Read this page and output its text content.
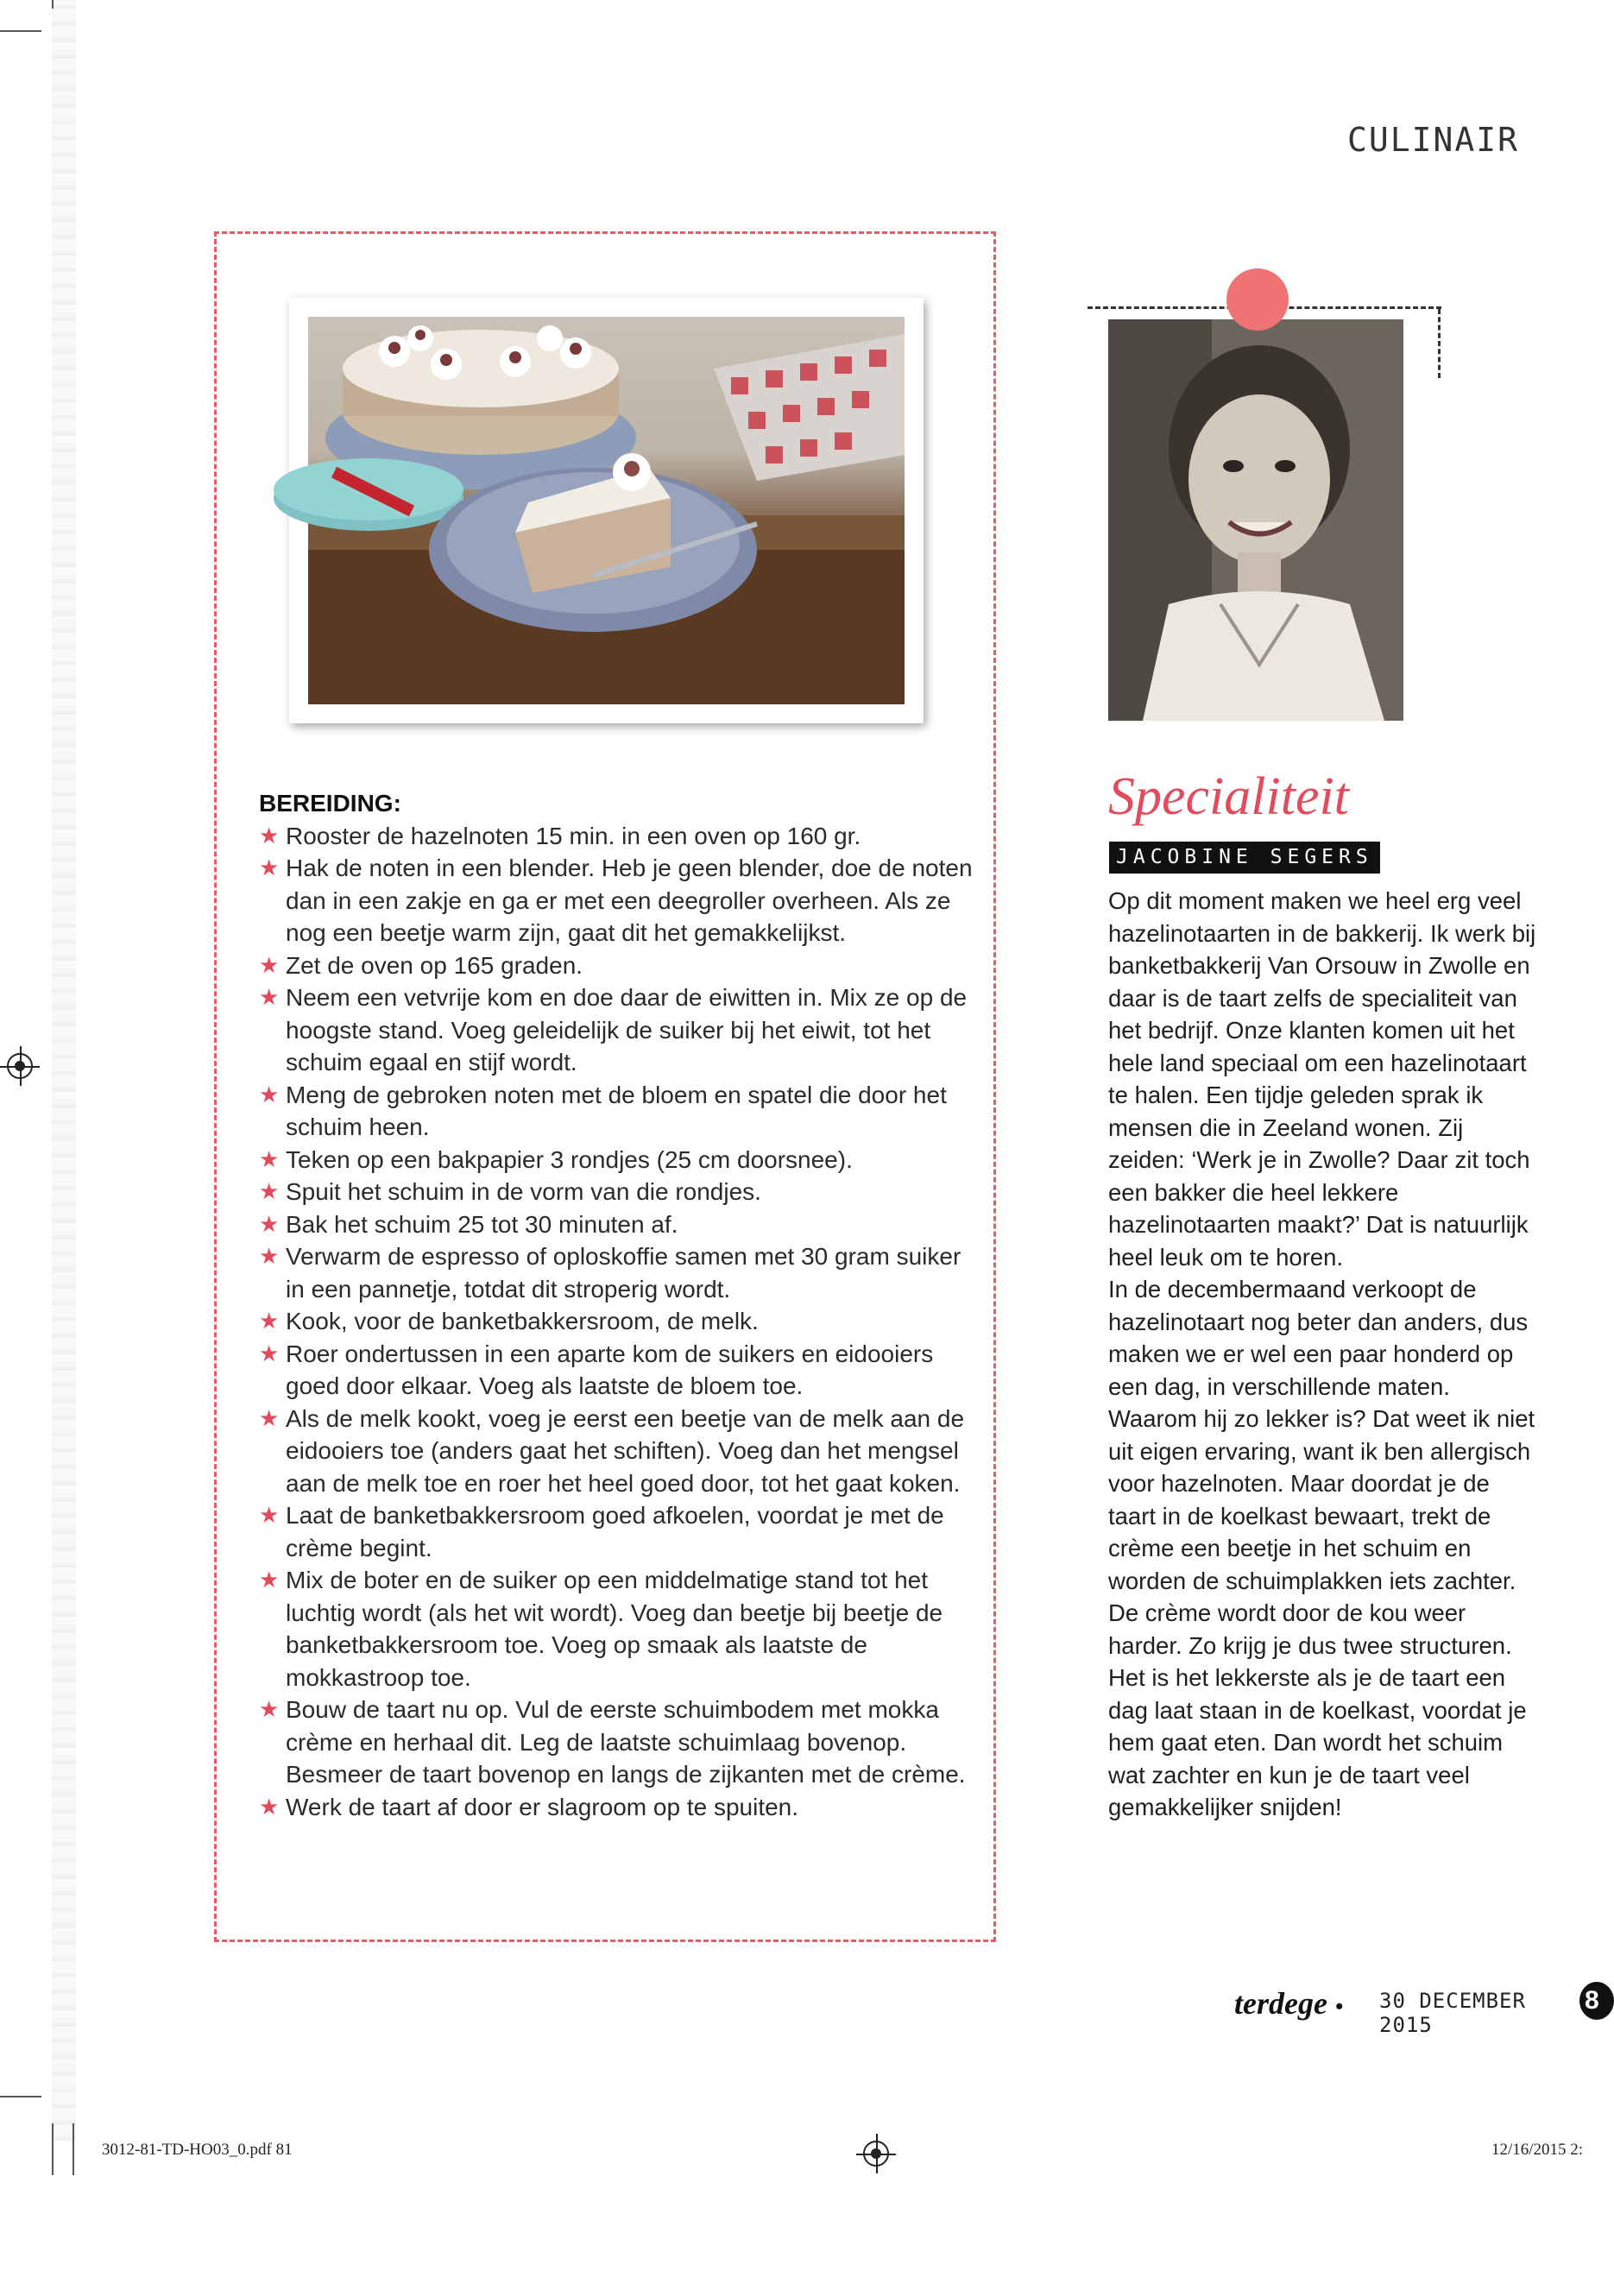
CULINAIR
BEREIDING:
★ Rooster de hazelnoten 15 min. in een oven op 160 gr.
★ Hak de noten in een blender. Heb je geen blender, doe de noten dan in een zakje en ga er met een deegroller overheen. Als ze nog een beetje warm zijn, gaat dit het gemakkelijkst.
★ Zet de oven op 165 graden.
★ Neem een vetvrije kom en doe daar de eiwitten in. Mix ze op de hoogste stand. Voeg geleidelijk de suiker bij het eiwit, tot het schuim egaal en stijf wordt.
★ Meng de gebroken noten met de bloem en spatel die door het schuim heen.
★ Teken op een bakpapier 3 rondjes (25 cm doorsnee).
★ Spuit het schuim in de vorm van die rondjes.
★ Bak het schuim 25 tot 30 minuten af.
★ Verwarm de espresso of oploskoffie samen met 30 gram suiker in een pannetje, totdat dit stroperig wordt.
★ Kook, voor de banketbakkersroom, de melk.
★ Roer ondertussen in een aparte kom de suikers en eidooiers goed door elkaar. Voeg als laatste de bloem toe.
★ Als de melk kookt, voeg je eerst een beetje van de melk aan de eidooiers toe (anders gaat het schiften). Voeg dan het mengsel aan de melk toe en roer het heel goed door, tot het gaat koken.
★ Laat de banketbakkersroom goed afkoelen, voordat je met de crème begint.
★ Mix de boter en de suiker op een middelmatige stand tot het luchtig wordt (als het wit wordt). Voeg dan beetje bij beetje de banketbakkersroom toe. Voeg op smaak als laatste de mokkastroop toe.
★ Bouw de taart nu op. Vul de eerste schuimbodem met mokka crème en herhaal dit. Leg de laatste schuimlaag bovenop. Besmeer de taart bovenop en langs de zijkanten met de crème.
★ Werk de taart af door er slagroom op te spuiten.
Specialiteit
JACOBINE SEGERS

Op dit moment maken we heel erg veel hazelinotaarten in de bakkerij. Ik werk bij banketbakkerij Van Orsouw in Zwolle en daar is de taart zelfs de specialiteit van het bedrijf. Onze klanten komen uit het hele land speciaal om een hazelinotaart te halen. Een tijdje geleden sprak ik mensen die in Zeeland wonen. Zij zeiden: ‘Werk je in Zwolle? Daar zit toch een bakker die heel lekkere hazelinotaarten maakt?’ Dat is natuurlijk heel leuk om te horen.

In de decembermaand verkoopt de hazelinotaart nog beter dan anders, dus maken we er wel een paar honderd op een dag, in verschillende maten.

Waarom hij zo lekker is? Dat weet ik niet uit eigen ervaring, want ik ben allergisch voor hazelnoten. Maar doordat je de taart in de koelkast bewaart, trekt de crème een beetje in het schuim en worden de schuimplakken iets zachter. De crème wordt door de kou weer harder. Zo krijg je dus twee structuren. Het is het lekkerste als je de taart een dag laat staan in de koelkast, voordat je hem gaat eten. Dan wordt het schuim wat zachter en kun je de taart veel gemakkelijker snijden!

terdege • 30 DECEMBER 2015
8
3012-81-TD-HO03_0.pdf 81	12/16/2015 2:
